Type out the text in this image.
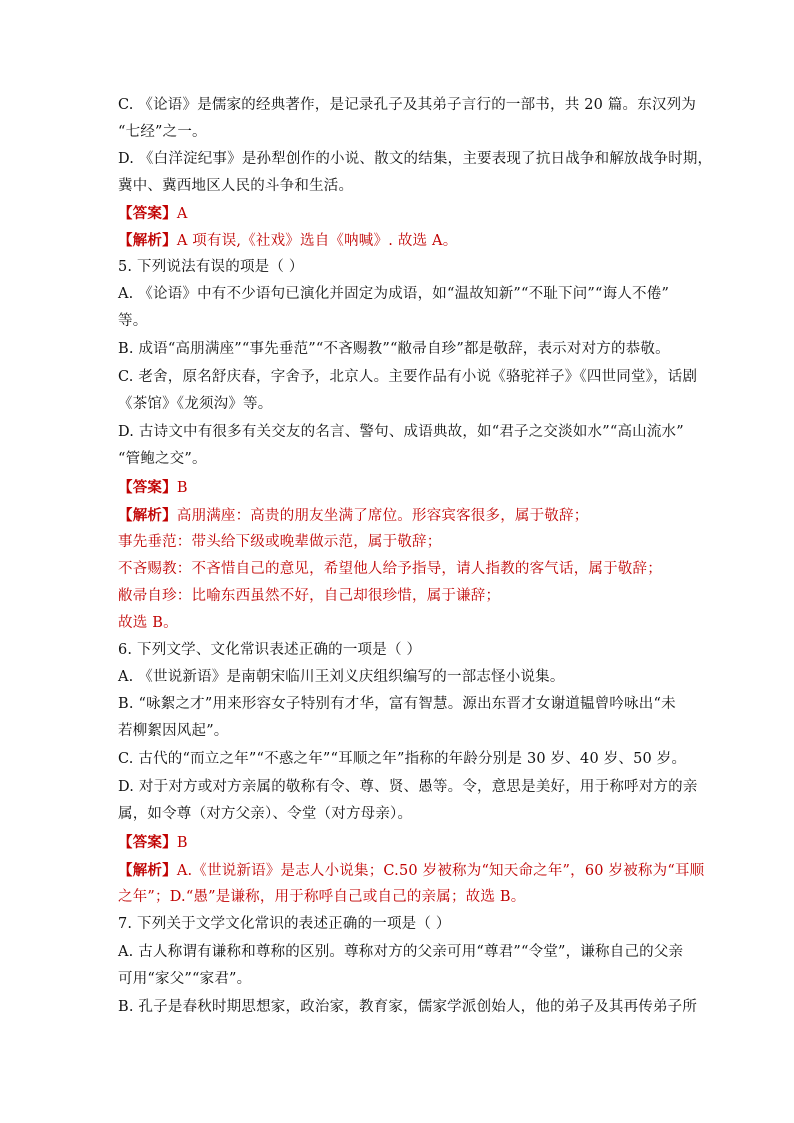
C. 《论语》是儒家的经典著作，是记录孔子及其弟子言行的一部书，共 20 篇。东汉列为
“七经”之一。
D. 《白洋淀纪事》是孙犁创作的小说、散文的结集，主要表现了抗日战争和解放战争时期，
冀中、冀西地区人民的斗争和生活。
【答案】A
【解析】A 项有误,《社戏》选自《呐喊》. 故选 A。
5. 下列说法有误的项是（ ）
A. 《论语》中有不少语句已演化并固定为成语，如“温故知新”“不耻下问”“诲人不倦”
等。
B. 成语“高朋满座”“事先垂范”“不吝赐教”“敝帚自珍”都是敬辞，表示对对方的恭敬。
C. 老舍，原名舒庆春，字舍予，北京人。主要作品有小说《骆驼祥子》《四世同堂》，话剧
《茶馆》《龙须沟》等。
D. 古诗文中有很多有关交友的名言、警句、成语典故，如“君子之交淡如水”“高山流水”
“管鲍之交”。
【答案】B
【解析】高朋满座：高贵的朋友坐满了席位。形容宾客很多，属于敬辞；
事先垂范：带头给下级或晚辈做示范，属于敬辞；
不吝赐教：不吝惜自己的意见，希望他人给予指导，请人指教的客气话，属于敬辞；
敝帚自珍：比喻东西虽然不好，自己却很珍惜，属于谦辞；
故选 B。
6. 下列文学、文化常识表述正确的一项是（ ）
A. 《世说新语》是南朝宋临川王刘义庆组织编写的一部志怪小说集。
B. “咏絮之才”用来形容女子特别有才华，富有智慧。源出东晋才女谢道韫曾吟咏出“未
若柳絮因风起”。
C. 古代的“而立之年”“不惑之年”“耳顺之年”指称的年龄分别是 30 岁、40 岁、50 岁。
D. 对于对方或对方亲属的敬称有令、尊、贤、愚等。令，意思是美好，用于称呼对方的亲
属，如令尊（对方父亲）、令堂（对方母亲）。
【答案】B
【解析】A.《世说新语》是志人小说集；C.50 岁被称为“知天命之年”，60 岁被称为“耳顺
之年”；D.“愚”是谦称，用于称呼自己或自己的亲属；故选 B。
7. 下列关于文学文化常识的表述正确的一项是（ ）
A. 古人称谓有谦称和尊称的区别。尊称对方的父亲可用“尊君”“令堂”，谦称自己的父亲
可用“家父”“家君”。
B. 孔子是春秋时期思想家，政治家，教育家，儒家学派创始人，他的弟子及其再传弟子所
